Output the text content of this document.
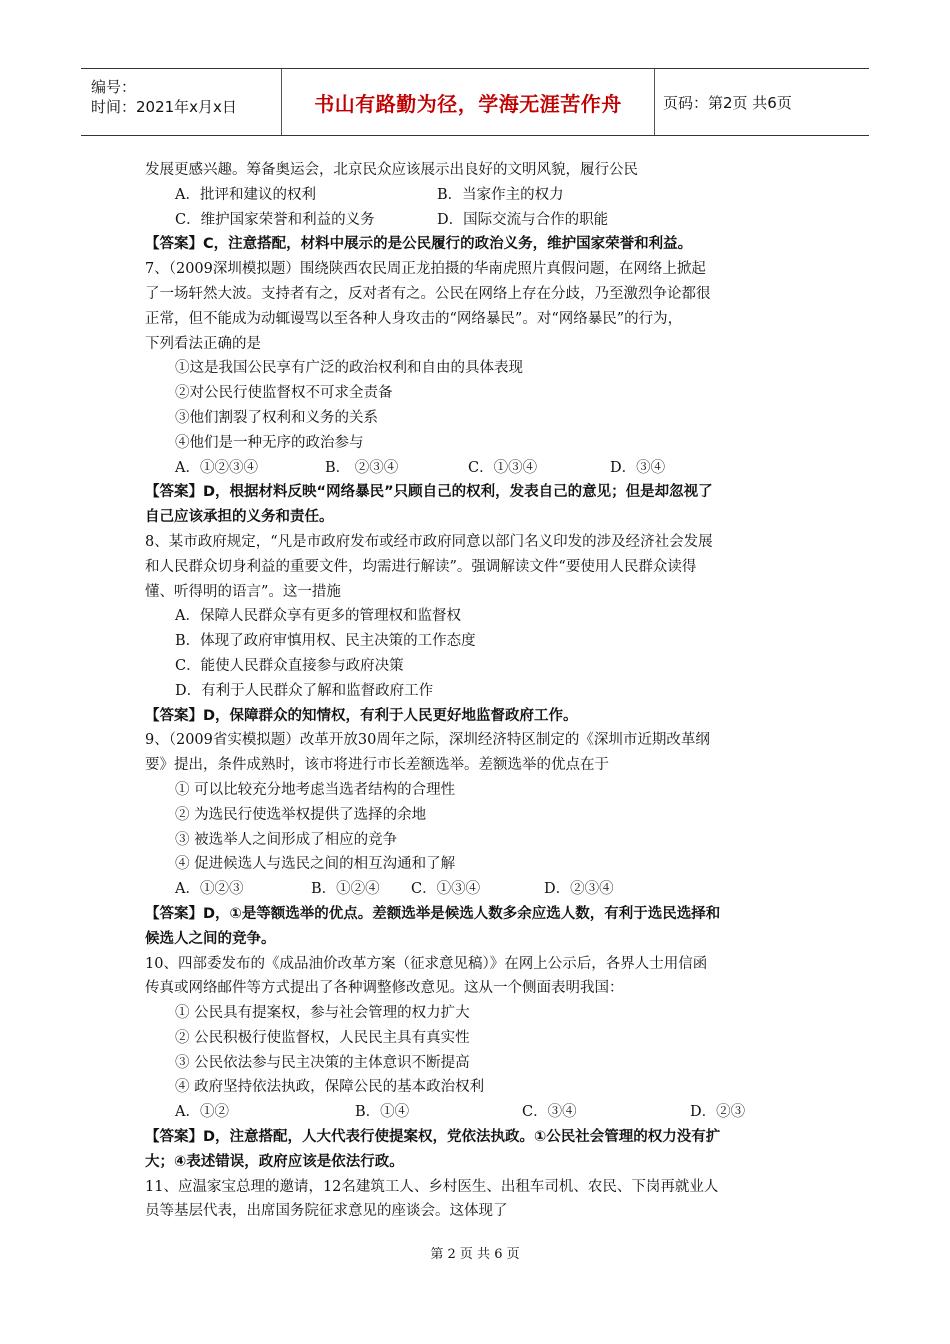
编号：
时间：2021年x月x日	书山有路勤为径，学海无涯苦作舟	页码：第2页 共6页
发展更感兴趣。筹备奥运会，北京民众应该展示出良好的文明风貌，履行公民
A．批评和建议的权利	B．当家作主的权力
C．维护国家荣誉和利益的义务	D．国际交流与合作的职能
【答案】C，注意搭配，材料中展示的是公民履行的政治义务，维护国家荣誉和利益。
7、（2009深圳模拟题）围绕陕西农民周正龙拍摄的华南虎照片真假问题，在网络上掀起
了一场轩然大波。支持者有之，反对者有之。公民在网络上存在分歧，乃至激烈争论都很
正常，但不能成为动辄谩骂以至各种人身攻击的“网络暴民”。对“网络暴民”的行为，
下列看法正确的是
①这是我国公民享有广泛的政治权利和自由的具体表现
②对公民行使监督权不可求全责备
③他们割裂了权利和义务的关系
④他们是一种无序的政治参与
A．①②③④	B． ②③④	C．①③④	D．③④
【答案】D，根据材料反映“网络暴民”只顾自己的权利，发表自己的意见；但是却忽视了
自己应该承担的义务和责任。
8、某市政府规定，“凡是市政府发布或经市政府同意以部门名义印发的涉及经济社会发展
和人民群众切身利益的重要文件，均需进行解读”。强调解读文件“要使用人民群众读得
懂、听得明的语言”。这一措施
A．保障人民群众享有更多的管理权和监督权
B．体现了政府审慎用权、民主决策的工作态度
C．能使人民群众直接参与政府决策
D．有利于人民群众了解和监督政府工作
【答案】D，保障群众的知情权，有利于人民更好地监督政府工作。
9、（2009省实模拟题）改革开放30周年之际，深圳经济特区制定的《深圳市近期改革纲
要》提出，条件成熟时，该市将进行市长差额选举。差额选举的优点在于
① 可以比较充分地考虑当选者结构的合理性
② 为选民行使选举权提供了选择的余地
③ 被选举人之间形成了相应的竞争
④ 促进候选人与选民之间的相互沟通和了解
A．①②③	B．①②④ C．①③④	D．②③④
【答案】D，①是等额选举的优点。差额选举是候选人数多余应选人数，有利于选民选择和
候选人之间的竞争。
10、四部委发布的《成品油价改革方案（征求意见稿）》在网上公示后，各界人士用信函
传真或网络邮件等方式提出了各种调整修改意见。这从一个侧面表明我国：
① 公民具有提案权，参与社会管理的权力扩大
② 公民积极行使监督权，人民民主具有真实性
③ 公民依法参与民主决策的主体意识不断提高
④ 政府坚持依法执政，保障公民的基本政治权利
A．①②	B．①④	C．③④	D．②③
【答案】D，注意搭配，人大代表行使提案权，党依法执政。①公民社会管理的权力没有扩
大；④表述错误，政府应该是依法行政。
11、应温家宝总理的邀请，12名建筑工人、乡村医生、出租车司机、农民、下岗再就业人
员等基层代表，出席国务院征求意见的座谈会。这体现了
第 2 页 共 6 页
